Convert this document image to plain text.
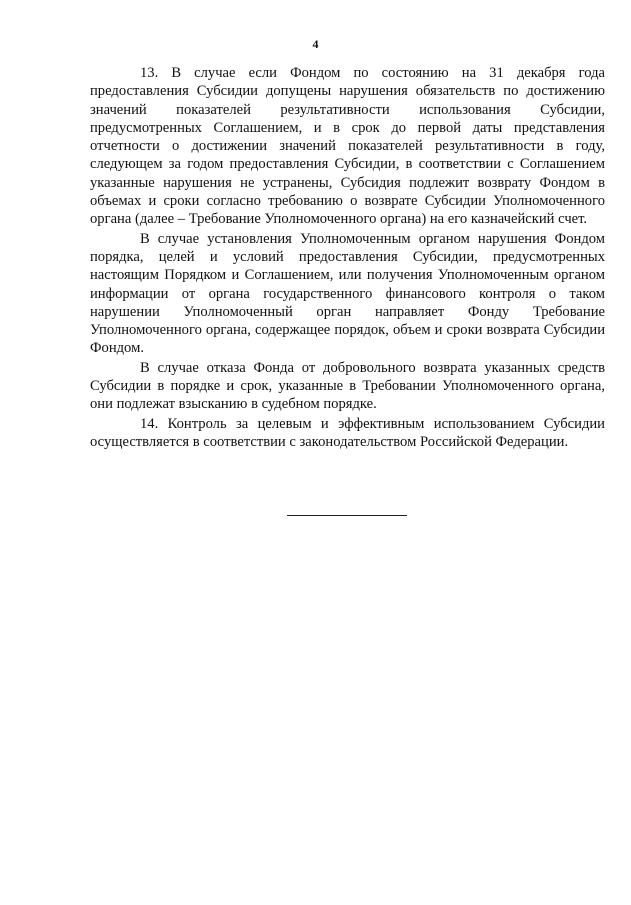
4

13. В случае если Фондом по состоянию на 31 декабря года предоставления Субсидии допущены нарушения обязательств по достижению значений показателей результативности использования Субсидии, предусмотренных Соглашением, и в срок до первой даты представления отчетности о достижении значений показателей результативности в году, следующем за годом предоставления Субсидии, в соответствии с Соглашением указанные нарушения не устранены, Субсидия подлежит возврату Фондом в объемах и сроки согласно требованию о возврате Субсидии Уполномоченного органа (далее – Требование Уполномоченного органа) на его казначейский счет.

В случае установления Уполномоченным органом нарушения Фондом порядка, целей и условий предоставления Субсидии, предусмотренных настоящим Порядком и Соглашением, или получения Уполномоченным органом информации от органа государственного финансового контроля о таком нарушении Уполномоченный орган направляет Фонду Требование Уполномоченного органа, содержащее порядок, объем и сроки возврата Субсидии Фондом.

В случае отказа Фонда от добровольного возврата указанных средств Субсидии в порядке и срок, указанные в Требовании Уполномоченного органа, они подлежат взысканию в судебном порядке.

14. Контроль за целевым и эффективным использованием Субсидии осуществляется в соответствии с законодательством Российской Федерации.
